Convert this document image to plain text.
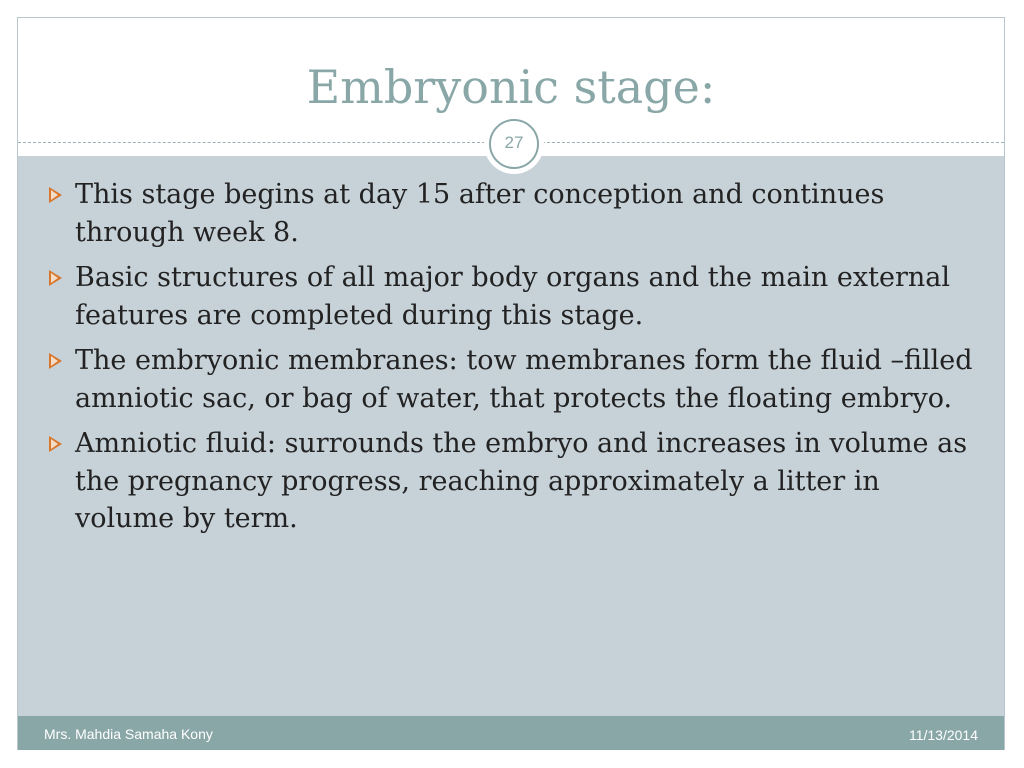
Embryonic stage:
27
This stage begins at day 15 after conception and continues through week 8.
Basic structures of all major body organs and the main external features are completed during this stage.
The embryonic membranes: tow membranes form the fluid –filled amniotic sac, or bag of water, that protects the floating embryo.
Amniotic fluid: surrounds the embryo and increases in volume as the pregnancy progress, reaching approximately a litter in volume by term.
Mrs. Mahdia Samaha Kony	11/13/2014
